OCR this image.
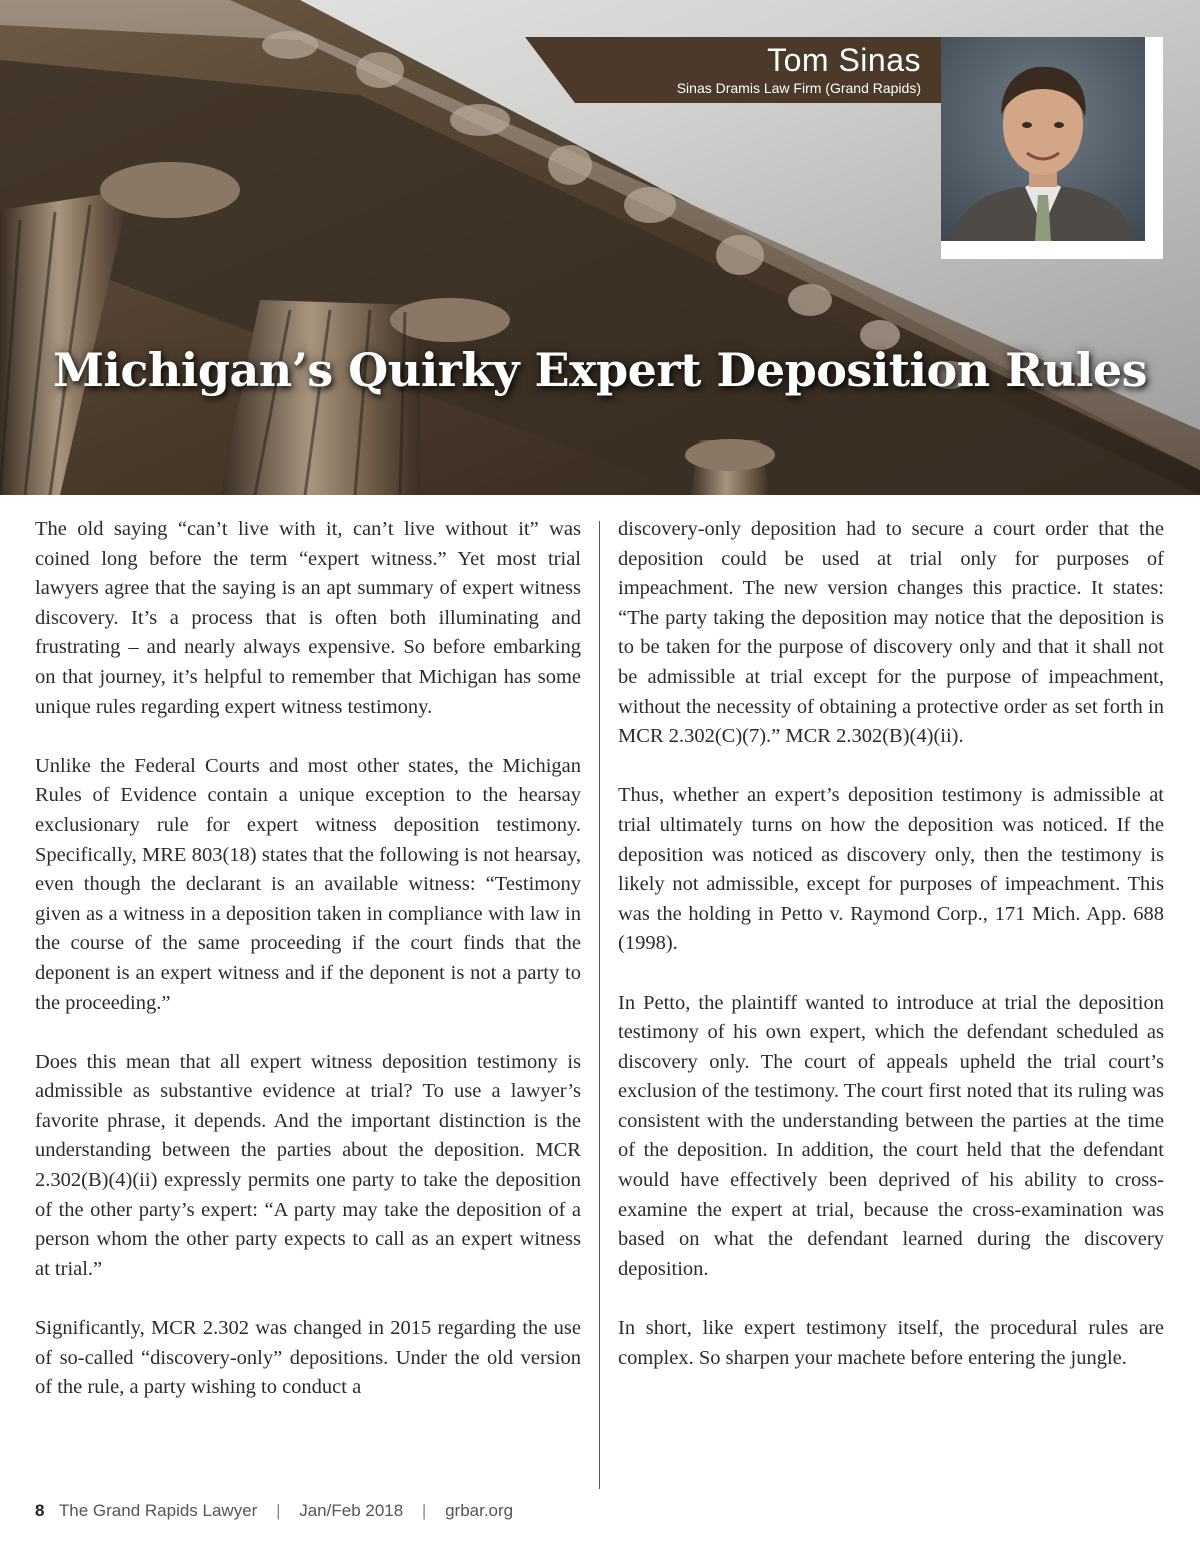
Tom Sinas
Sinas Dramis Law Firm (Grand Rapids)
Michigan’s Quirky Expert Deposition Rules

The old saying “can’t live with it, can’t live without it” was coined long before the term “expert witness.” Yet most trial lawyers agree that the saying is an apt summary of expert witness discovery. It’s a process that is often both illuminating and frustrating – and nearly always expensive. So before embarking on that journey, it’s helpful to remember that Michigan has some unique rules regarding expert witness testimony.

Unlike the Federal Courts and most other states, the Michigan Rules of Evidence contain a unique exception to the hearsay exclusionary rule for expert witness deposition testimony. Specifically, MRE 803(18) states that the following is not hearsay, even though the declarant is an available witness: “Testimony given as a witness in a deposition taken in compliance with law in the course of the same proceeding if the court finds that the deponent is an expert witness and if the deponent is not a party to the proceeding.”

Does this mean that all expert witness deposition testimony is admissible as substantive evidence at trial? To use a lawyer’s favorite phrase, it depends. And the important distinction is the understanding between the parties about the deposition. MCR 2.302(B)(4)(ii) expressly permits one party to take the deposition of the other party’s expert: “A party may take the deposition of a person whom the other party expects to call as an expert witness at trial.”

Significantly, MCR 2.302 was changed in 2015 regarding the use of so-called “discovery-only” depositions. Under the old version of the rule, a party wishing to conduct a

discovery-only deposition had to secure a court order that the deposition could be used at trial only for purposes of impeachment. The new version changes this practice. It states: “The party taking the deposition may notice that the deposition is to be taken for the purpose of discovery only and that it shall not be admissible at trial except for the purpose of impeachment, without the necessity of obtaining a protective order as set forth in MCR 2.302(C)(7).” MCR 2.302(B)(4)(ii).

Thus, whether an expert’s deposition testimony is admissible at trial ultimately turns on how the deposition was noticed. If the deposition was noticed as discovery only, then the testimony is likely not admissible, except for purposes of impeachment. This was the holding in Petto v. Raymond Corp., 171 Mich. App. 688 (1998).

In Petto, the plaintiff wanted to introduce at trial the deposition testimony of his own expert, which the defendant scheduled as discovery only. The court of appeals upheld the trial court’s exclusion of the testimony. The court first noted that its ruling was consistent with the understanding between the parties at the time of the deposition. In addition, the court held that the defendant would have effectively been deprived of his ability to cross-examine the expert at trial, because the cross-examination was based on what the defendant learned during the discovery deposition.

In short, like expert testimony itself, the procedural rules are complex. So sharpen your machete before entering the jungle.

8 The Grand Rapids Lawyer | Jan/Feb 2018 | grbar.org
